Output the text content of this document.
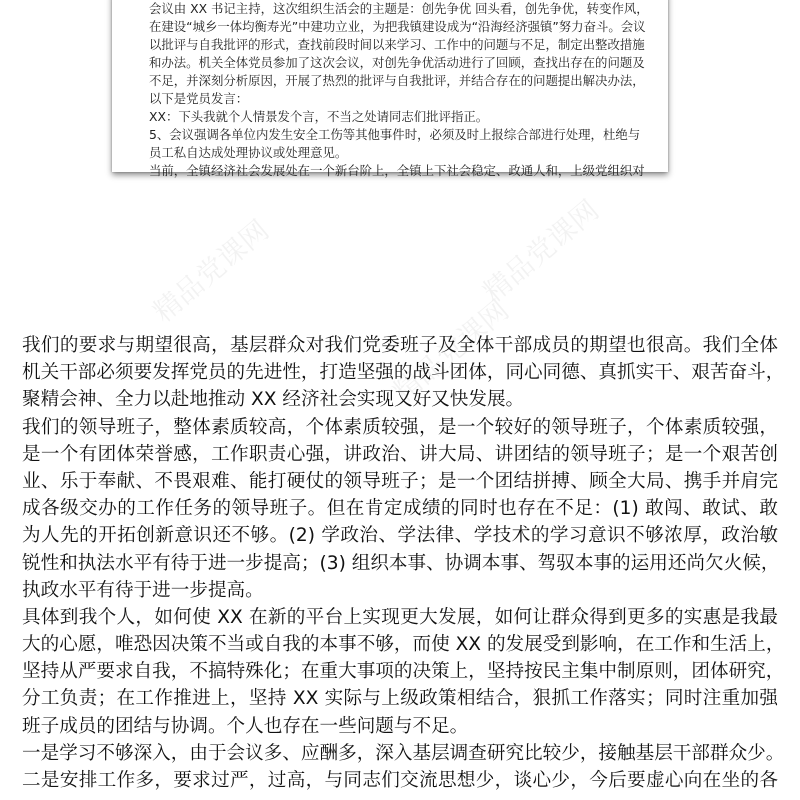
精品党课网	精品党课网
精品党课网
会议由 XX 书记主持，这次组织生活会的主题是：创先争优 回头看，创先争优，转变作风，
在建设“城乡一体均衡寿光”中建功立业，为把我镇建设成为“沿海经济强镇”努力奋斗。会议
以批评与自我批评的形式，查找前段时间以来学习、工作中的问题与不足，制定出整改措施
和办法。机关全体党员参加了这次会议，对创先争优活动进行了回顾，查找出存在的问题及
不足，并深刻分析原因，开展了热烈的批评与自我批评，并结合存在的问题提出解决办法，
以下是党员发言：
XX：下头我就个人情景发个言，不当之处请同志们批评指正。
5、会议强调各单位内发生安全工伤等其他事件时，必须及时上报综合部进行处理，杜绝与
员工私自达成处理协议或处理意见。
当前，全镇经济社会发展处在一个新台阶上，全镇上下社会稳定、政通人和，上级党组织对
我们的要求与期望很高，基层群众对我们党委班子及全体干部成员的期望也很高。我们全体
机关干部必须要发挥党员的先进性，打造坚强的战斗团体，同心同德、真抓实干、艰苦奋斗，
聚精会神、全力以赴地推动 XX 经济社会实现又好又快发展。
我们的领导班子，整体素质较高，个体素质较强，是一个较好的领导班子，个体素质较强，
是一个有团体荣誉感，工作职责心强，讲政治、讲大局、讲团结的领导班子；是一个艰苦创
业、乐于奉献、不畏艰难、能打硬仗的领导班子；是一个团结拼搏、顾全大局、携手并肩完
成各级交办的工作任务的领导班子。但在肯定成绩的同时也存在不足：(1) 敢闯、敢试、敢
为人先的开拓创新意识还不够。(2) 学政治、学法律、学技术的学习意识不够浓厚，政治敏
锐性和执法水平有待于进一步提高；(3) 组织本事、协调本事、驾驭本事的运用还尚欠火候，
执政水平有待于进一步提高。
具体到我个人，如何使 XX 在新的平台上实现更大发展，如何让群众得到更多的实惠是我最
大的心愿，唯恐因决策不当或自我的本事不够，而使 XX 的发展受到影响，在工作和生活上，
坚持从严要求自我，不搞特殊化；在重大事项的决策上，坚持按民主集中制原则，团体研究，
分工负责；在工作推进上，坚持 XX 实际与上级政策相结合，狠抓工作落实；同时注重加强
班子成员的团结与协调。个人也存在一些问题与不足。
一是学习不够深入，由于会议多、应酬多，深入基层调查研究比较少，接触基层干部群众少。
二是安排工作多，要求过严，过高，与同志们交流思想少，谈心少，今后要虚心向在坐的各
